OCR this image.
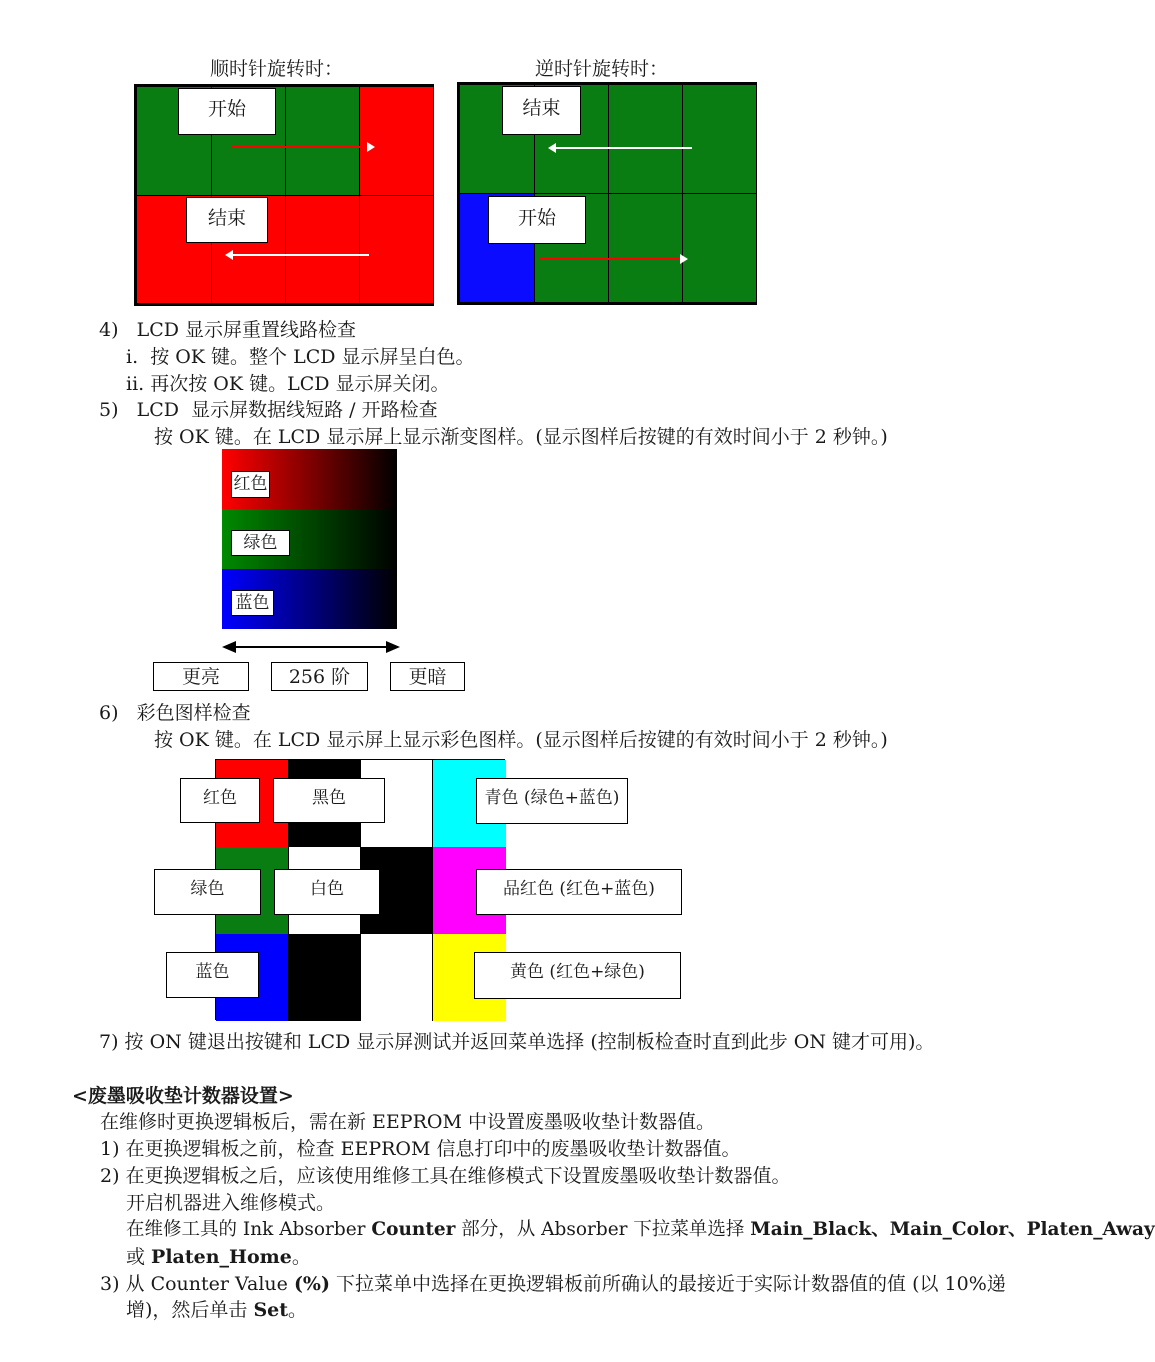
顺时针旋转时：	逆时针旋转时：
开始
结束
结束
开始
4)   LCD 显示屏重置线路检查
i.  按 OK 键。整个 LCD 显示屏呈白色。
ii. 再次按 OK 键。LCD 显示屏关闭。
5)   LCD  显示屏数据线短路 / 开路检查
按 OK 键。在 LCD 显示屏上显示渐变图样。(显示图样后按键的有效时间小于 2 秒钟。)
红色
绿色
蓝色
更亮	256 阶	更暗
6)   彩色图样检查
按 OK 键。在 LCD 显示屏上显示彩色图样。(显示图样后按键的有效时间小于 2 秒钟。)
红色	黑色	青色 (绿色+蓝色)
绿色	白色	品红色 (红色+蓝色)
蓝色	黄色 (红色+绿色)
7) 按 ON 键退出按键和 LCD 显示屏测试并返回菜单选择 (控制板检查时直到此步 ON 键才可用)。
<废墨吸收垫计数器设置>
在维修时更换逻辑板后，需在新 EEPROM 中设置废墨吸收垫计数器值。
1) 在更换逻辑板之前，检查 EEPROM 信息打印中的废墨吸收垫计数器值。
2) 在更换逻辑板之后，应该使用维修工具在维修模式下设置废墨吸收垫计数器值。
开启机器进入维修模式。
在维修工具的 Ink Absorber Counter 部分，从 Absorber 下拉菜单选择 Main_Black、Main_Color、Platen_Away
或 Platen_Home。
3) 从 Counter Value (%) 下拉菜单中选择在更换逻辑板前所确认的最接近于实际计数器值的值 (以 10%递
增)，然后单击 Set。
